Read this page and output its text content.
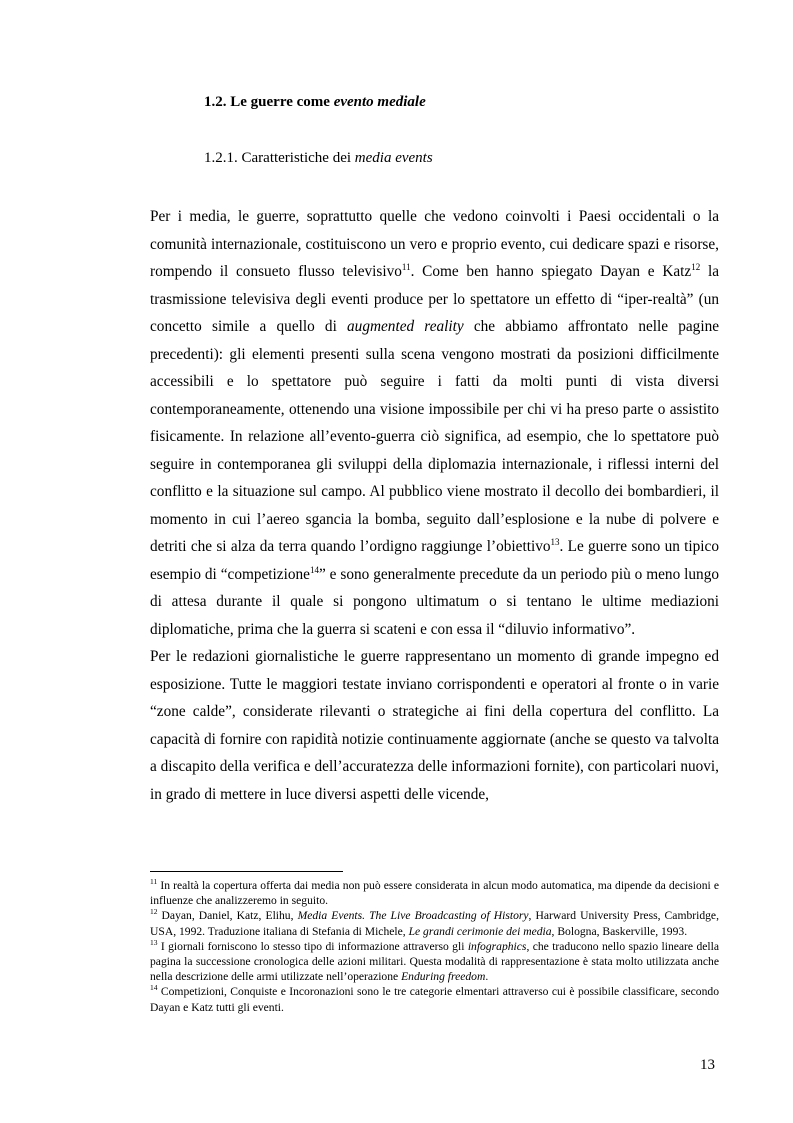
1.2. Le guerre come evento mediale
1.2.1. Caratteristiche dei media events

Per i media, le guerre, soprattutto quelle che vedono coinvolti i Paesi occidentali o la comunità internazionale, costituiscono un vero e proprio evento, cui dedicare spazi e risorse, rompendo il consueto flusso televisivo$^{11}$. Come ben hanno spiegato Dayan e Katz$^{12}$ la trasmissione televisiva degli eventi produce per lo spettatore un effetto di “iper-realtà” (un concetto simile a quello di augmented reality che abbiamo affrontato nelle pagine precedenti): gli elementi presenti sulla scena vengono mostrati da posizioni difficilmente accessibili e lo spettatore può seguire i fatti da molti punti di vista diversi contemporaneamente, ottenendo una visione impossibile per chi vi ha preso parte o assistito fisicamente. In relazione all’evento-guerra ciò significa, ad esempio, che lo spettatore può seguire in contemporanea gli sviluppi della diplomazia internazionale, i riflessi interni del conflitto e la situazione sul campo. Al pubblico viene mostrato il decollo dei bombardieri, il momento in cui l’aereo sgancia la bomba, seguito dall’esplosione e la nube di polvere e detriti che si alza da terra quando l’ordigno raggiunge l’obiettivo$^{13}$. Le guerre sono un tipico esempio di “competizione$^{14}$” e sono generalmente precedute da un periodo più o meno lungo di attesa durante il quale si pongono ultimatum o si tentano le ultime mediazioni diplomatiche, prima che la guerra si scateni e con essa il “diluvio informativo”.

Per le redazioni giornalistiche le guerre rappresentano un momento di grande impegno ed esposizione. Tutte le maggiori testate inviano corrispondenti e operatori al fronte o in varie “zone calde”, considerate rilevanti o strategiche ai fini della copertura del conflitto. La capacità di fornire con rapidità notizie continuamente aggiornate (anche se questo va talvolta a discapito della verifica e dell’accuratezza delle informazioni fornite), con particolari nuovi, in grado di mettere in luce diversi aspetti delle vicende,

$^{11}$ In realtà la copertura offerta dai media non può essere considerata in alcun modo automatica, ma dipende da decisioni e influenze che analizzeremo in seguito.

$^{12}$ Dayan, Daniel, Katz, Elihu, Media Events. The Live Broadcasting of History, Harward University Press, Cambridge, USA, 1992. Traduzione italiana di Stefania di Michele, Le grandi cerimonie dei media, Bologna, Baskerville, 1993.

$^{13}$ I giornali forniscono lo stesso tipo di informazione attraverso gli infographics, che traducono nello spazio lineare della pagina la successione cronologica delle azioni militari. Questa modalità di rappresentazione è stata molto utilizzata anche nella descrizione delle armi utilizzate nell’operazione Enduring freedom.

$^{14}$ Competizioni, Conquiste e Incoronazioni sono le tre categorie elmentari attraverso cui è possibile classificare, secondo Dayan e Katz tutti gli eventi.

13
